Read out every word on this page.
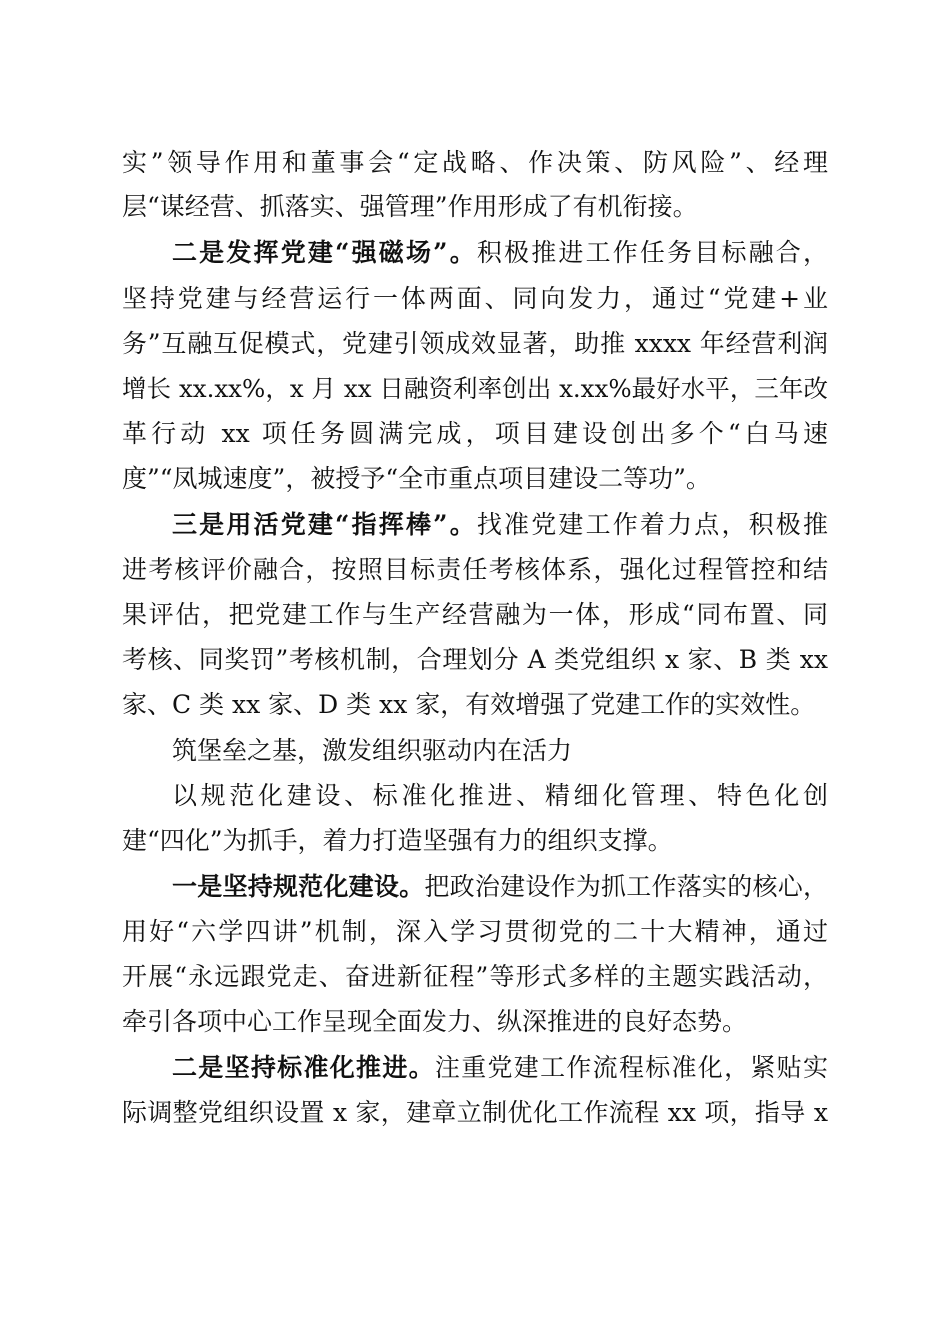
实”领导作用和董事会“定战略、作决策、防风险”、经理
层“谋经营、抓落实、强管理”作用形成了有机衔接。
二是发挥党建“强磁场”。积极推进工作任务目标融合，
坚持党建与经营运行一体两面、同向发力，通过“党建+业
务”互融互促模式，党建引领成效显著，助推 xxxx 年经营利润
增长 xx.xx%，x 月 xx 日融资利率创出 x.xx%最好水平，三年改
革行动 xx 项任务圆满完成，项目建设创出多个“白马速
度”“凤城速度”，被授予“全市重点项目建设二等功”。
三是用活党建“指挥棒”。找准党建工作着力点，积极推
进考核评价融合，按照目标责任考核体系，强化过程管控和结
果评估，把党建工作与生产经营融为一体，形成“同布置、同
考核、同奖罚”考核机制，合理划分 A 类党组织 x 家、B 类 xx
家、C 类 xx 家、D 类 xx 家，有效增强了党建工作的实效性。
筑堡垒之基，激发组织驱动内在活力
以规范化建设、标准化推进、精细化管理、特色化创
建“四化”为抓手，着力打造坚强有力的组织支撑。
一是坚持规范化建设。把政治建设作为抓工作落实的核心，
用好“六学四讲”机制，深入学习贯彻党的二十大精神，通过
开展“永远跟党走、奋进新征程”等形式多样的主题实践活动，
牵引各项中心工作呈现全面发力、纵深推进的良好态势。
二是坚持标准化推进。注重党建工作流程标准化，紧贴实
际调整党组织设置 x 家，建章立制优化工作流程 xx 项，指导 x
